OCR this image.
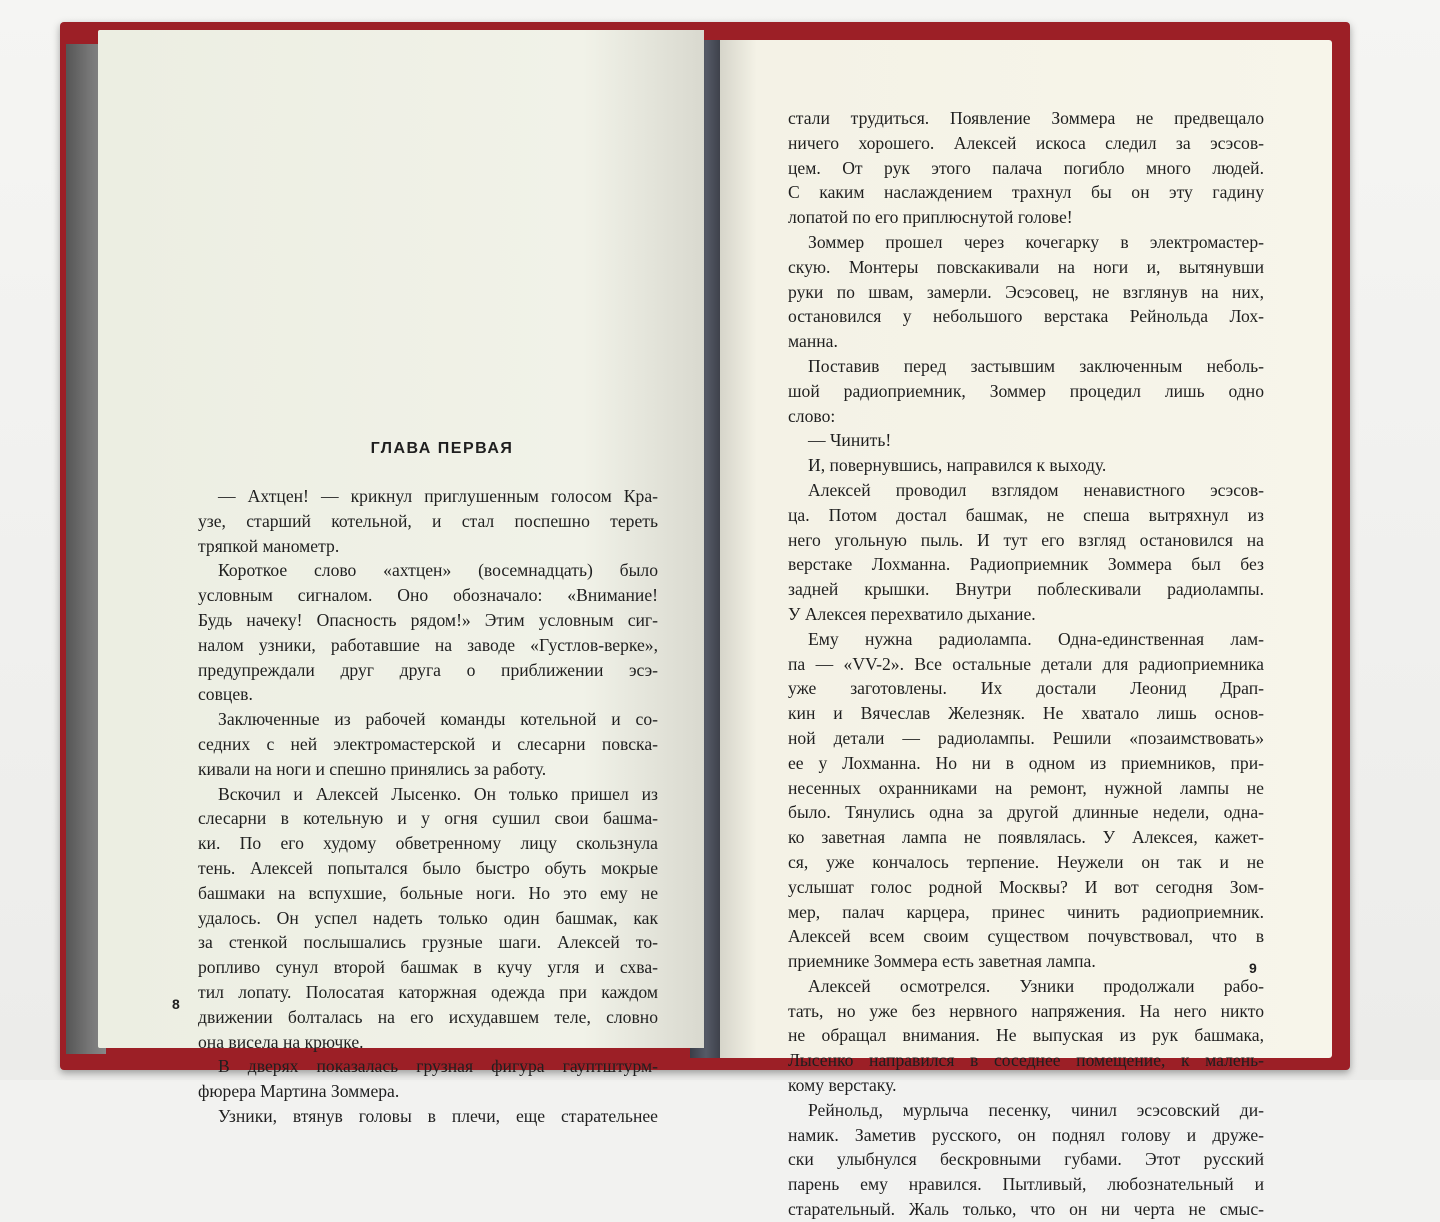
ГЛАВА ПЕРВАЯ
— Ахтцен! — крикнул приглушенным голосом Кра-
узе, старший котельной, и стал поспешно тереть
тряпкой манометр.
Короткое слово «ахтцен» (восемнадцать) было
условным сигналом. Оно обозначало: «Внимание!
Будь начеку! Опасность рядом!» Этим условным сиг-
налом узники, работавшие на заводе «Густлов-верке»,
предупреждали друг друга о приближении эсэ-
совцев.
Заключенные из рабочей команды котельной и со-
седних с ней электромастерской и слесарни повска-
кивали на ноги и спешно принялись за работу.
Вскочил и Алексей Лысенко. Он только пришел из
слесарни в котельную и у огня сушил свои башма-
ки. По его худому обветренному лицу скользнула
тень. Алексей попытался было быстро обуть мокрые
башмаки на вспухшие, больные ноги. Но это ему не
удалось. Он успел надеть только один башмак, как
за стенкой послышались грузные шаги. Алексей то-
ропливо сунул второй башмак в кучу угля и схва-
тил лопату. Полосатая каторжная одежда при каждом
движении болталась на его исхудавшем теле, словно
она висела на крючке.
В дверях показалась грузная фигура гауптштурм-
фюрера Мартина Зоммера.
Узники, втянув головы в плечи, еще старательнее
8
стали трудиться. Появление Зоммера не предвещало
ничего хорошего. Алексей искоса следил за эсэсов-
цем. От рук этого палача погибло много людей.
С каким наслаждением трахнул бы он эту гадину
лопатой по его приплюснутой голове!
Зоммер прошел через кочегарку в электромастер-
скую. Монтеры повскакивали на ноги и, вытянувши
руки по швам, замерли. Эсэсовец, не взглянув на них,
остановился у небольшого верстака Рейнольда Лох-
манна.
Поставив перед застывшим заключенным неболь-
шой радиоприемник, Зоммер процедил лишь одно
слово:
— Чинить!
И, повернувшись, направился к выходу.
Алексей проводил взглядом ненавистного эсэсов-
ца. Потом достал башмак, не спеша вытряхнул из
него угольную пыль. И тут его взгляд остановился на
верстаке Лохманна. Радиоприемник Зоммера был без
задней крышки. Внутри поблескивали радиолампы.
У Алексея перехватило дыхание.
Ему нужна радиолампа. Одна-единственная лам-
па — «VV-2». Все остальные детали для радиоприемника
уже заготовлены. Их достали Леонид Драп-
кин и Вячеслав Железняк. Не хватало лишь основ-
ной детали — радиолампы. Решили «позаимствовать»
ее у Лохманна. Но ни в одном из приемников, при-
несенных охранниками на ремонт, нужной лампы не
было. Тянулись одна за другой длинные недели, одна-
ко заветная лампа не появлялась. У Алексея, кажет-
ся, уже кончалось терпение. Неужели он так и не
услышат голос родной Москвы? И вот сегодня Зом-
мер, палач карцера, принес чинить радиоприемник.
Алексей всем своим существом почувствовал, что в
приемнике Зоммера есть заветная лампа.
Алексей осмотрелся. Узники продолжали рабо-
тать, но уже без нервного напряжения. На него никто
не обращал внимания. Не выпуская из рук башмака,
Лысенко направился в соседнее помещение, к малень-
кому верстаку.
Рейнольд, мурлыча песенку, чинил эсэсовский ди-
намик. Заметив русского, он поднял голову и друже-
ски улыбнулся бескровными губами. Этот русский
парень ему нравился. Пытливый, любознательный и
старательный. Жаль только, что он ни черта не смыс-
9
